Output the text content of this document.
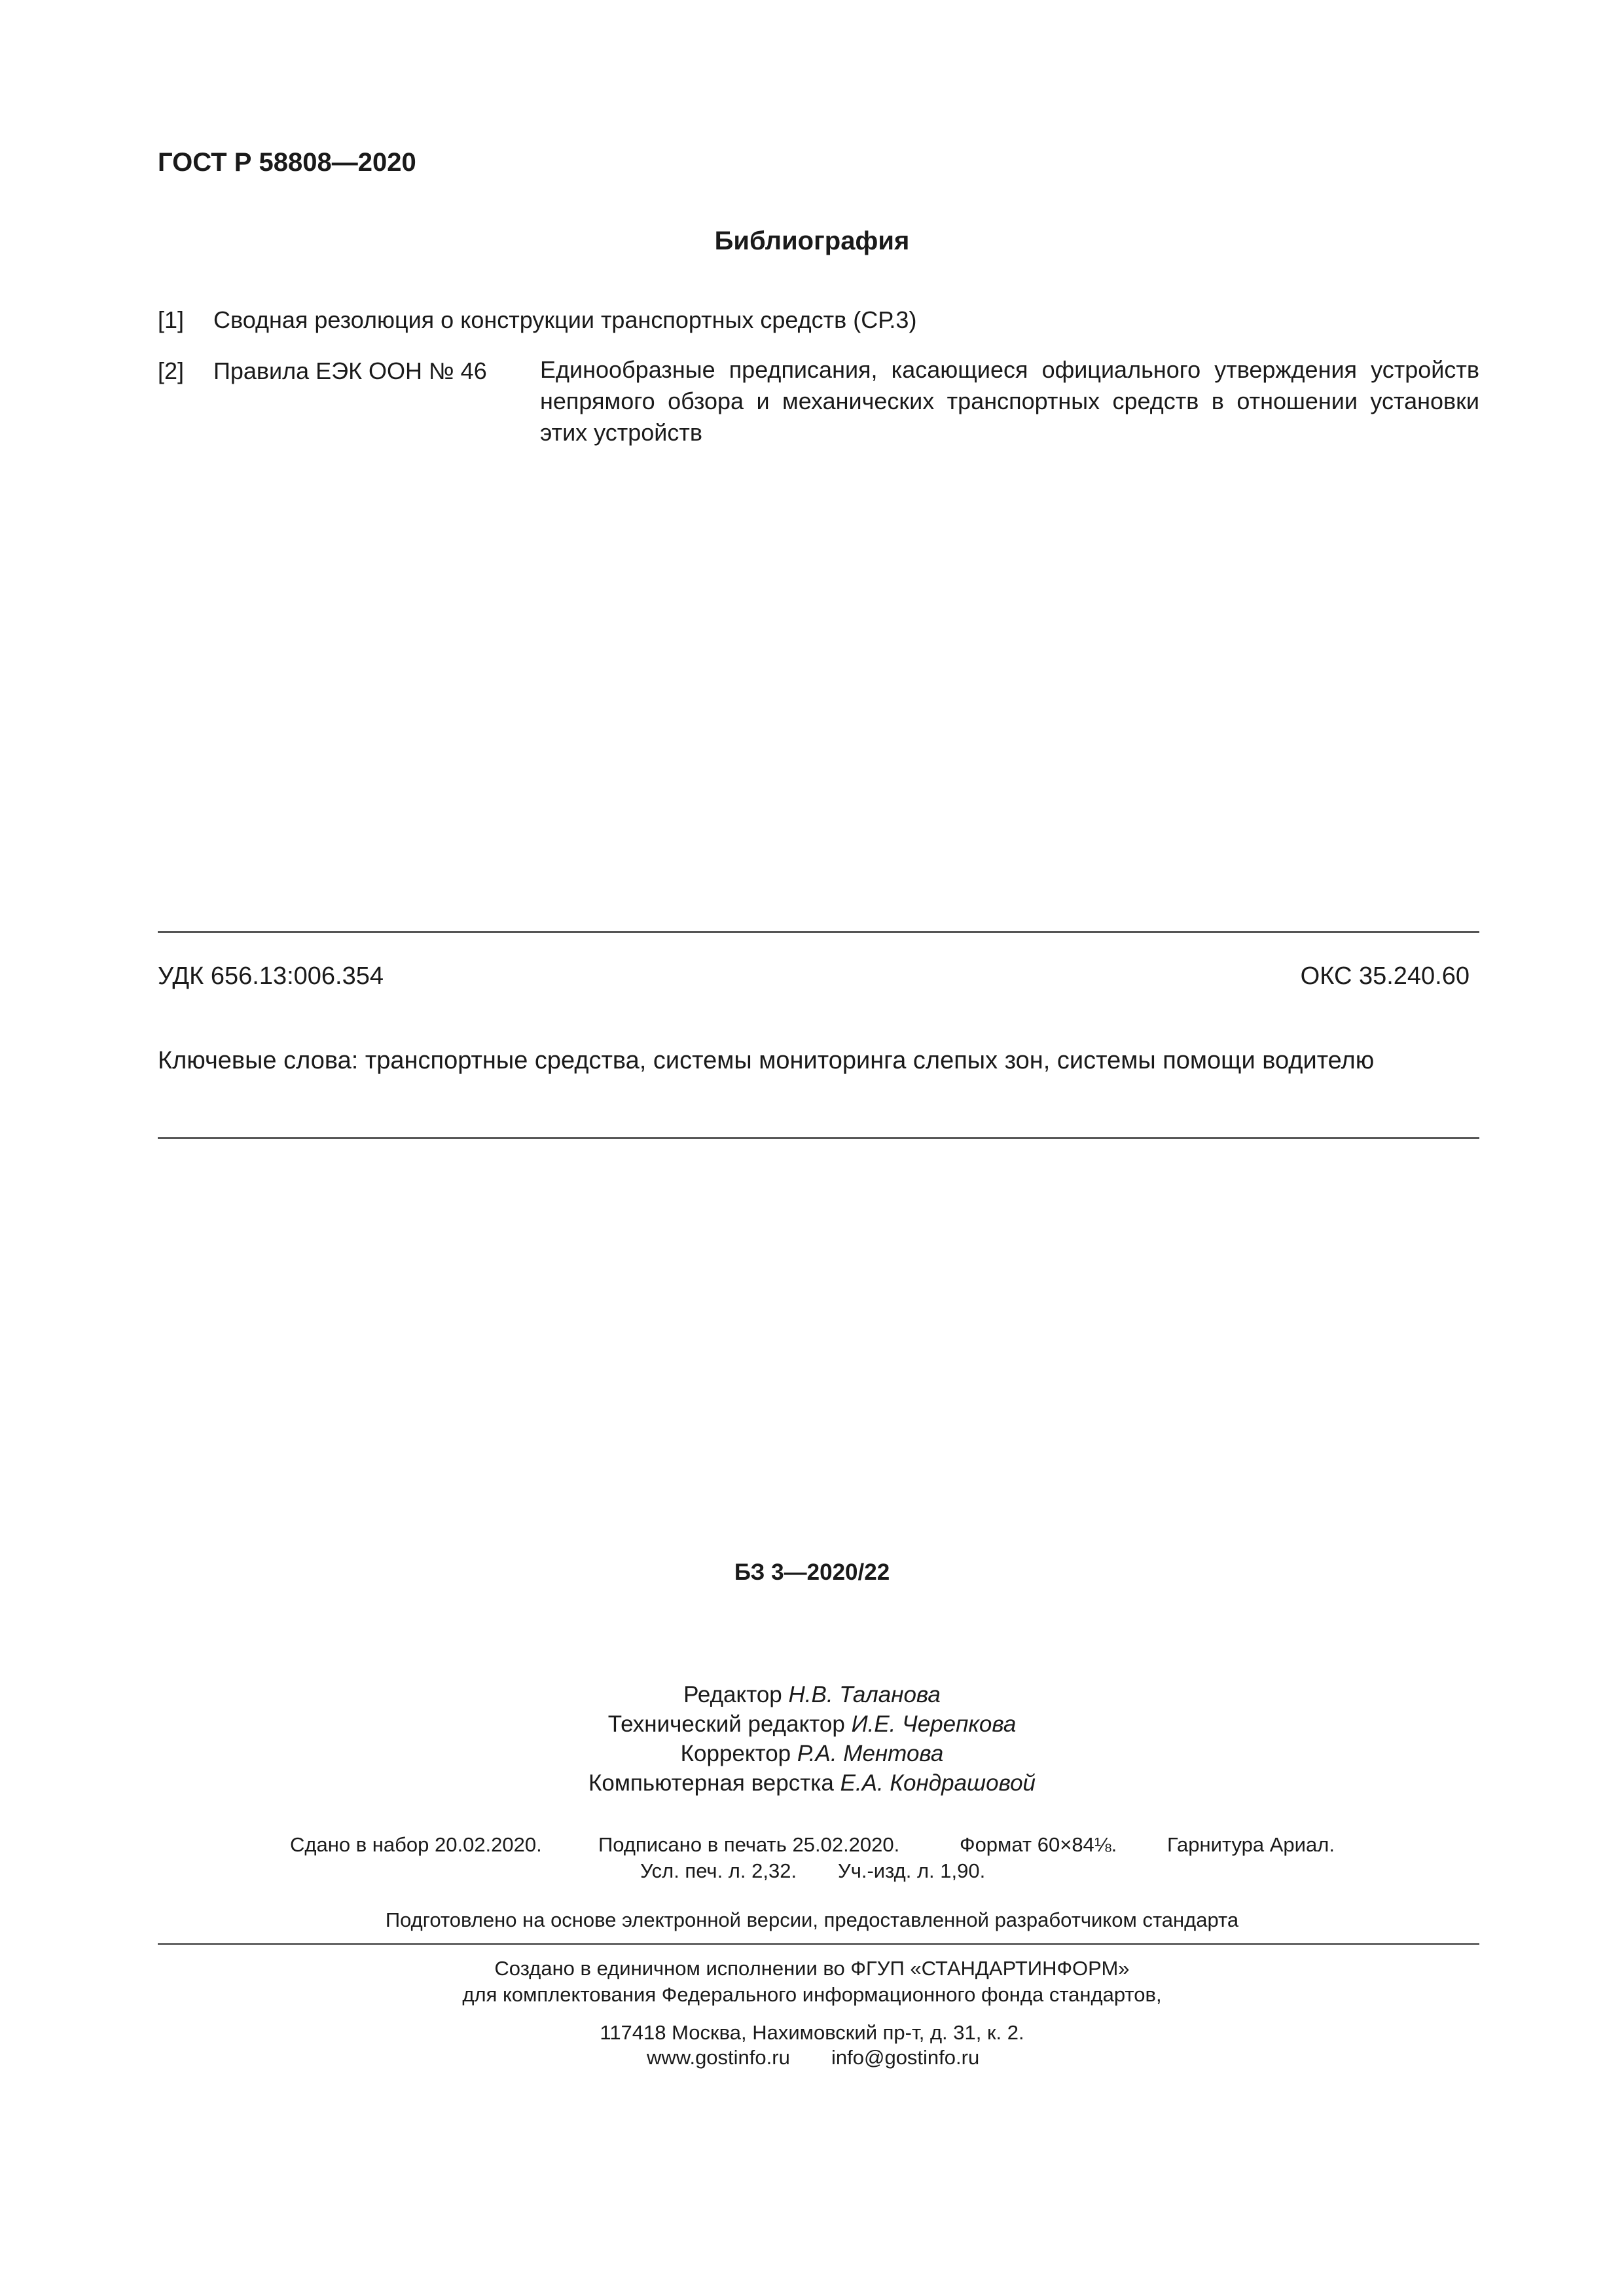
ГОСТ Р 58808—2020
Библиография
[1] Сводная резолюция о конструкции транспортных средств (СР.3)
[2] Правила ЕЭК ООН № 46 Единообразные предписания, касающиеся официального утверждения устройств непрямого обзора и механических транспортных средств в отношении установки этих устройств
УДК 656.13:006.354	ОКС 35.240.60
Ключевые слова: транспортные средства, системы мониторинга слепых зон, системы помощи водителю
БЗ 3—2020/22
Редактор Н.В. Таланова
Технический редактор И.Е. Черепкова
Корректор Р.А. Ментова
Компьютерная верстка Е.А. Кондрашовой
Сдано в набор 20.02.2020.	Подписано в печать 25.02.2020.	Формат 60×84⅛. Гарнитура Ариал.
Усл. печ. л. 2,32. Уч.-изд. л. 1,90.
Подготовлено на основе электронной версии, предоставленной разработчиком стандарта
Создано в единичном исполнении во ФГУП «СТАНДАРТИНФОРМ»
для комплектования Федерального информационного фонда стандартов,
117418 Москва, Нахимовский пр-т, д. 31, к. 2.
www.gostinfo.ru info@gostinfo.ru
